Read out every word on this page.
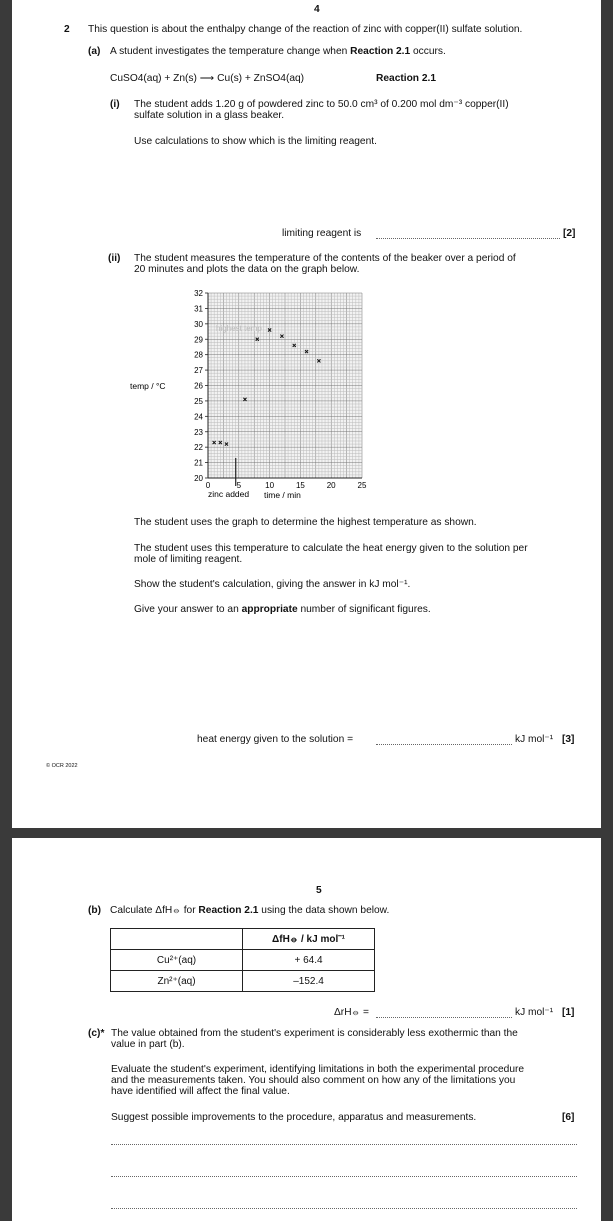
4
2 This question is about the enthalpy change of the reaction of zinc with copper(II) sulfate solution.
(a) A student investigates the temperature change when Reaction 2.1 occurs.
CuSO4(aq) + Zn(s) ⟶ Cu(s) + ZnSO4(aq)	Reaction 2.1
(i) The student adds 1.20 g of powdered zinc to 50.0 cm³ of 0.200 mol dm⁻³ copper(II)
sulfate solution in a glass beaker.
Use calculations to show which is the limiting reagent.
limiting reagent is	[2]
(ii) The student measures the temperature of the contents of the beaker over a period of
20 minutes and plots the data on the graph below.
20
21
22
23
24
25
26
27
28
29
30
31
32
0	5	10	15	20	25
temp / °C
time / min
zinc added
highest temp
The student uses the graph to determine the highest temperature as shown.
The student uses this temperature to calculate the heat energy given to the solution per
mole of limiting reagent.
Show the student's calculation, giving the answer in kJ mol⁻¹.
Give your answer to an appropriate number of significant figures.
heat energy given to the solution =	kJ mol⁻¹ [3]
© OCR 2022
5
(b) Calculate ΔfH⦵ for Reaction 2.1 using the data shown below.
	ΔfH⦵ / kJ mol⁻¹
Cu²⁺(aq)	+ 64.4
Zn²⁺(aq)	–152.4
ΔrH⦵ =	kJ mol⁻¹ [1]
(c)* The value obtained from the student's experiment is considerably less exothermic than the
value in part (b).
Evaluate the student's experiment, identifying limitations in both the experimental procedure
and the measurements taken. You should also comment on how any of the limitations you
have identified will affect the final value.
Suggest possible improvements to the procedure, apparatus and measurements.	[6]
